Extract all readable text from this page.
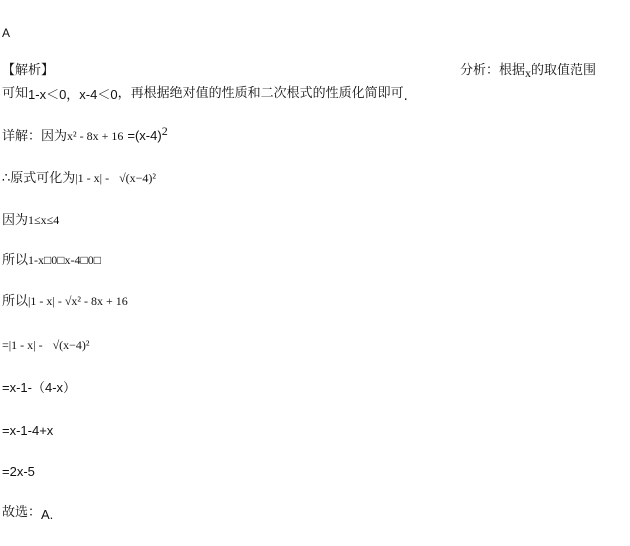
A
【解析】	分析：根据x的取值范围
可知1-x＜0，x-4＜0，再根据绝对值的性质和二次根式的性质化简即可.
详解：因为$x^2 - 8x + 16 =(x-4)^2$
∴原式可化为|1 - x| - √(x−4)²
因为1≤x≤4
所以1-x□0□x-4□0□
所以|1 - x| - √x² - 8x + 16
=|1 - x| - √(x−4)²
=x-1-（4-x）
=x-1-4+x
=2x-5
故选：A.
